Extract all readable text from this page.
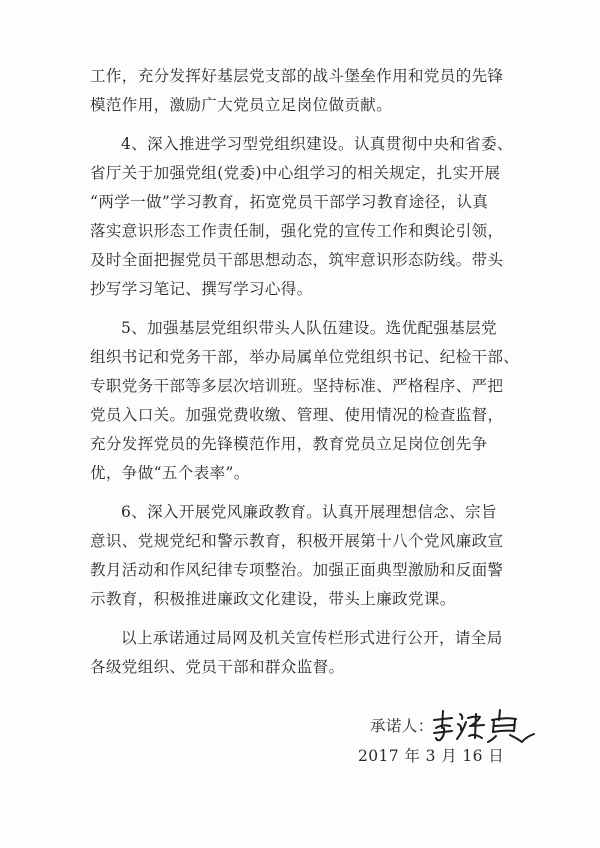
工作，充分发挥好基层党支部的战斗堡垒作用和党员的先锋
模范作用，激励广大党员立足岗位做贡献。
4、深入推进学习型党组织建设。认真贯彻中央和省委、
省厅关于加强党组(党委)中心组学习的相关规定，扎实开展
“两学一做”学习教育，拓宽党员干部学习教育途径，认真
落实意识形态工作责任制，强化党的宣传工作和舆论引领，
及时全面把握党员干部思想动态，筑牢意识形态防线。带头
抄写学习笔记、撰写学习心得。
5、加强基层党组织带头人队伍建设。选优配强基层党
组织书记和党务干部，举办局属单位党组织书记、纪检干部、
专职党务干部等多层次培训班。坚持标准、严格程序、严把
党员入口关。加强党费收缴、管理、使用情况的检查监督，
充分发挥党员的先锋模范作用，教育党员立足岗位创先争
优，争做“五个表率”。
6、深入开展党风廉政教育。认真开展理想信念、宗旨
意识、党规党纪和警示教育，积极开展第十八个党风廉政宣
教月活动和作风纪律专项整治。加强正面典型激励和反面警
示教育，积极推进廉政文化建设，带头上廉政党课。
以上承诺通过局网及机关宣传栏形式进行公开，请全局
各级党组织、党员干部和群众监督。
承诺人：
2017 年 3 月 16 日
